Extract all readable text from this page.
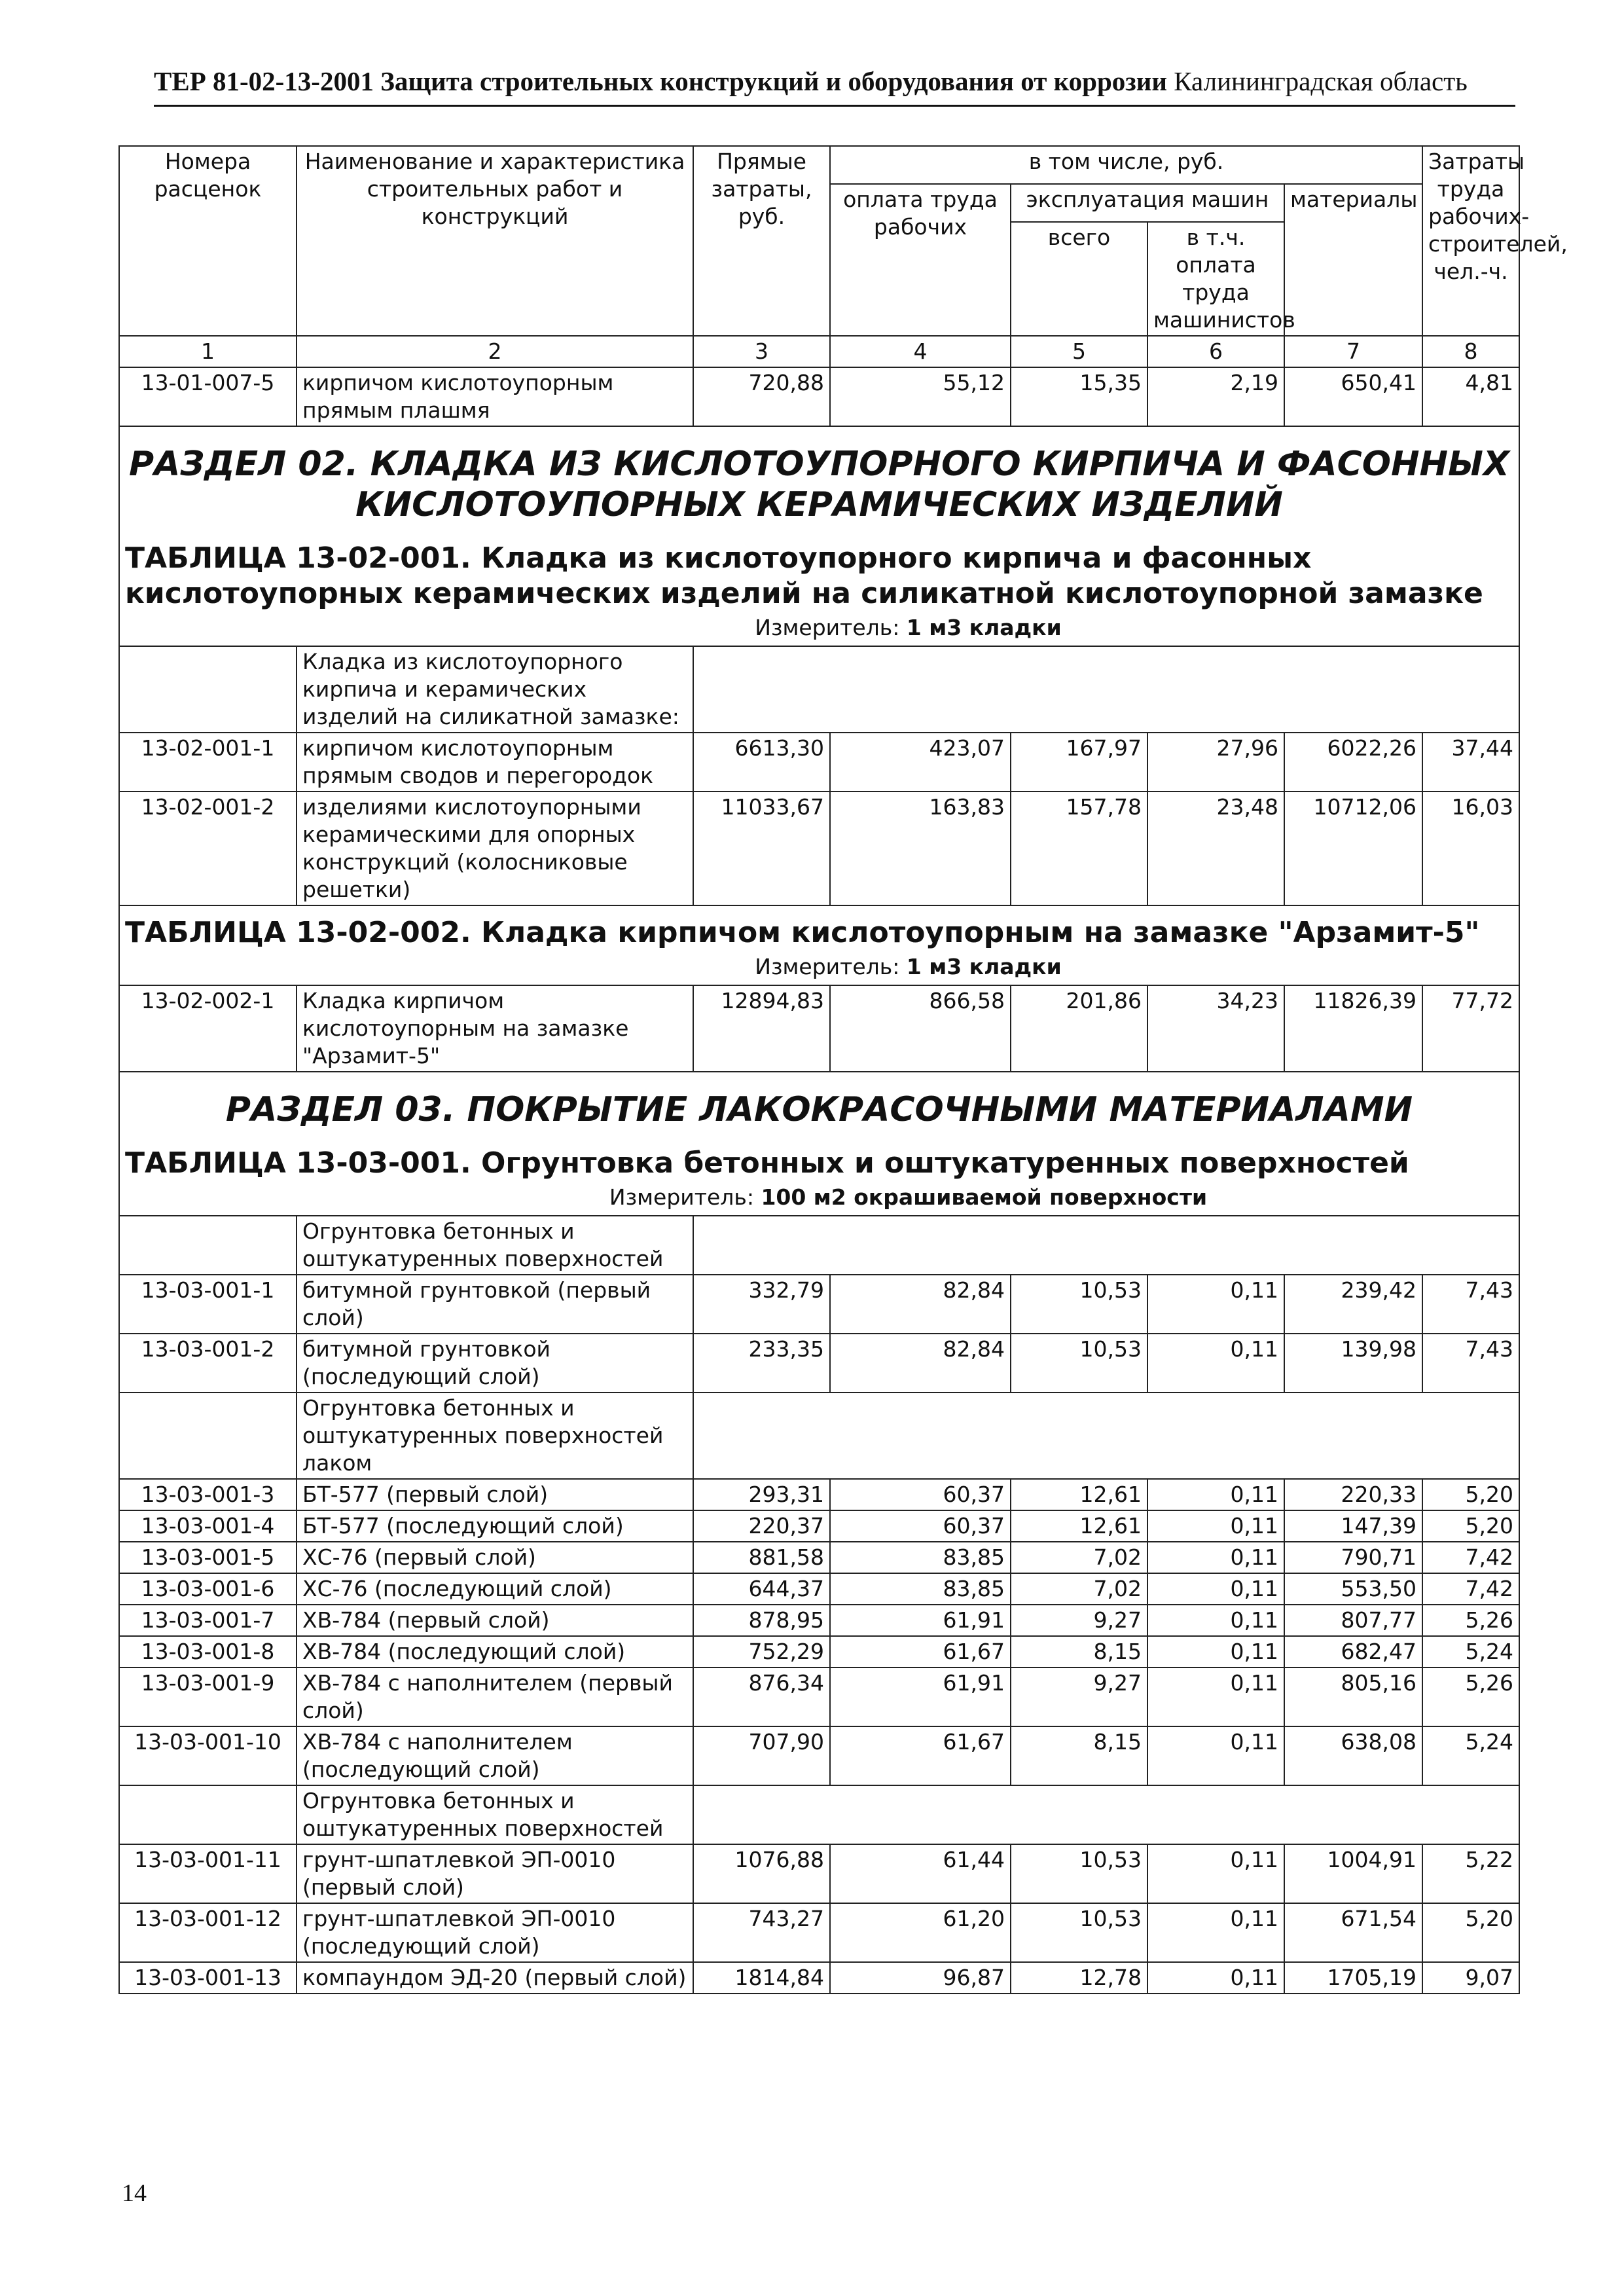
ТЕР 81-02-13-2001 Защита строительных конструкций и оборудования от коррозии Калининградская область
Номера расценок	Наименование и характеристика строительных работ и конструкций	Прямые затраты, руб.	в том числе, руб.				Затраты труда рабочих-строителей, чел.-ч.
			оплата труда рабочих	эксплуатация машин		материалы	
				всего	в т.ч. оплата труда машинистов		
1	2	3	4	5	6	7	8
13-01-007-5	кирпичом кислотоупорным прямым плашмя	720,88	55,12	15,35	2,19	650,41	4,81

РАЗДЕЛ 02. КЛАДКА ИЗ КИСЛОТОУПОРНОГО КИРПИЧА И ФАСОННЫХ КИСЛОТОУПОРНЫХ КЕРАМИЧЕСКИХ ИЗДЕЛИЙ
ТАБЛИЦА 13-02-001. Кладка из кислотоупорного кирпича и фасонных кислотоупорных керамических изделий на силикатной кислотоупорной замазке
Измеритель: 1 м3 кладки							

	Кладка из кислотоупорного кирпича и керамических изделий на силикатной замазке:						
13-02-001-1	кирпичом кислотоупорным прямым сводов и перегородок	6613,30	423,07	167,97	27,96	6022,26	37,44
13-02-001-2	изделиями кислотоупорными керамическими для опорных конструкций (колосниковые решетки)	11033,67	163,83	157,78	23,48	10712,06	16,03

ТАБЛИЦА 13-02-002. Кладка кирпичом кислотоупорным на замазке "Арзамит-5"
Измеритель: 1 м3 кладки							

13-02-002-1	Кладка кирпичом кислотоупорным на замазке "Арзамит-5"	12894,83	866,58	201,86	34,23	11826,39	77,72

РАЗДЕЛ 03. ПОКРЫТИЕ ЛАКОКРАСОЧНЫМИ МАТЕРИАЛАМИ
ТАБЛИЦА 13-03-001. Огрунтовка бетонных и оштукатуренных поверхностей
Измеритель: 100 м2 окрашиваемой поверхности							

	Огрунтовка бетонных и оштукатуренных поверхностей						
13-03-001-1	битумной грунтовкой (первый слой)	332,79	82,84	10,53	0,11	239,42	7,43
13-03-001-2	битумной грунтовкой (последующий слой)	233,35	82,84	10,53	0,11	139,98	7,43
	Огрунтовка бетонных и оштукатуренных поверхностей лаком						
13-03-001-3	БТ-577 (первый слой)	293,31	60,37	12,61	0,11	220,33	5,20
13-03-001-4	БТ-577 (последующий слой)	220,37	60,37	12,61	0,11	147,39	5,20
13-03-001-5	ХС-76 (первый слой)	881,58	83,85	7,02	0,11	790,71	7,42
13-03-001-6	ХС-76 (последующий слой)	644,37	83,85	7,02	0,11	553,50	7,42
13-03-001-7	ХВ-784 (первый слой)	878,95	61,91	9,27	0,11	807,77	5,26
13-03-001-8	ХВ-784 (последующий слой)	752,29	61,67	8,15	0,11	682,47	5,24
13-03-001-9	ХВ-784 с наполнителем (первый слой)	876,34	61,91	9,27	0,11	805,16	5,26
13-03-001-10	ХВ-784 с наполнителем (последующий слой)	707,90	61,67	8,15	0,11	638,08	5,24
	Огрунтовка бетонных и оштукатуренных поверхностей						
13-03-001-11	грунт-шпатлевкой ЭП-0010 (первый слой)	1076,88	61,44	10,53	0,11	1004,91	5,22
13-03-001-12	грунт-шпатлевкой ЭП-0010 (последующий слой)	743,27	61,20	10,53	0,11	671,54	5,20
13-03-001-13	компаундом ЭД-20 (первый слой)	1814,84	96,87	12,78	0,11	1705,19	9,07
14
